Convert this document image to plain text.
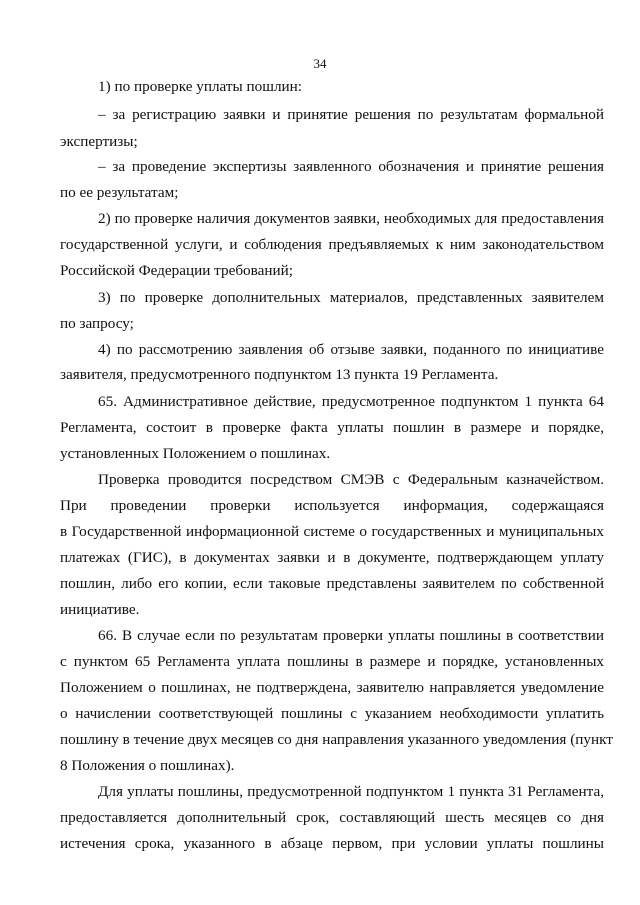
34
1) по проверке уплаты пошлин:
– за регистрацию заявки и принятие решения по результатам формальной
экспертизы;
– за проведение экспертизы заявленного обозначения и принятие решения
по ее результатам;
2) по проверке наличия документов заявки, необходимых для предоставления
государственной услуги, и соблюдения предъявляемых к ним законодательством
Российской Федерации требований;
3) по проверке дополнительных материалов, представленных заявителем
по запросу;
4) по рассмотрению заявления об отзыве заявки, поданного по инициативе
заявителя, предусмотренного подпунктом 13 пункта 19 Регламента.
65. Административное действие, предусмотренное подпунктом 1 пункта 64
Регламента, состоит в проверке факта уплаты пошлин в размере и порядке,
установленных Положением о пошлинах.
Проверка проводится посредством СМЭВ с Федеральным казначейством.
При проведении проверки используется информация, содержащаяся
в Государственной информационной системе о государственных и муниципальных
платежах (ГИС), в документах заявки и в документе, подтверждающем уплату
пошлин, либо его копии, если таковые представлены заявителем по собственной
инициативе.
66. В случае если по результатам проверки уплаты пошлины в соответствии
с пунктом 65 Регламента уплата пошлины в размере и порядке, установленных
Положением о пошлинах, не подтверждена, заявителю направляется уведомление
о начислении соответствующей пошлины с указанием необходимости уплатить
пошлину в течение двух месяцев со дня направления указанного уведомления (пункт
8 Положения о пошлинах).
Для уплаты пошлины, предусмотренной подпунктом 1 пункта 31 Регламента,
предоставляется дополнительный срок, составляющий шесть месяцев со дня
истечения срока, указанного в абзаце первом, при условии уплаты пошлины
